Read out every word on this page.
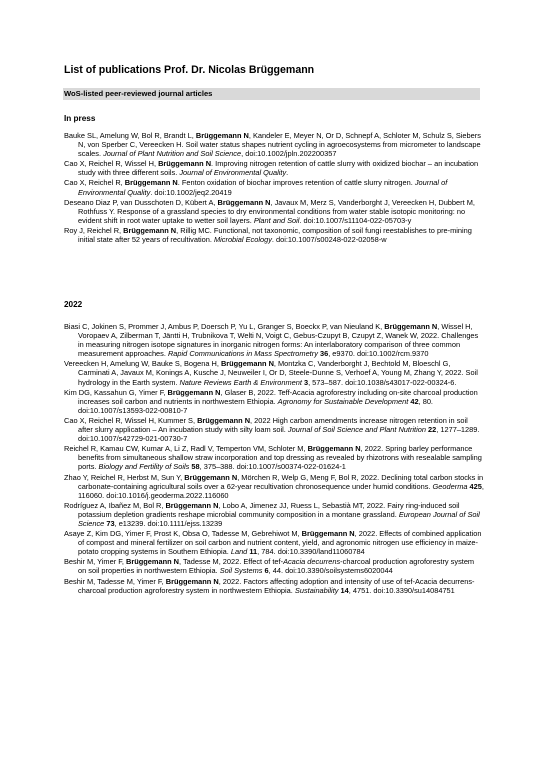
List of publications Prof. Dr. Nicolas Brüggemann
WoS-listed peer-reviewed journal articles
In press
Bauke SL, Amelung W, Bol R, Brandt L, Brüggemann N, Kandeler E, Meyer N, Or D, Schnepf A, Schloter M, Schulz S, Siebers N, von Sperber C, Vereecken H. Soil water status shapes nutrient cycling in agroecosystems from micrometer to landscape scales. Journal of Plant Nutrition and Soil Science, doi:10.1002/jpln.202200357
Cao X, Reichel R, Wissel H, Brüggemann N. Improving nitrogen retention of cattle slurry with oxidized biochar – an incubation study with three different soils. Journal of Environmental Quality.
Cao X, Reichel R, Brüggemann N. Fenton oxidation of biochar improves retention of cattle slurry nitrogen. Journal of Environmental Quality. doi:10.1002/jeq2.20419
Deseano Diaz P, van Dusschoten D, Kübert A, Brüggemann N, Javaux M, Merz S, Vanderborght J, Vereecken H, Dubbert M, Rothfuss Y. Response of a grassland species to dry environmental conditions from water stable isotopic monitoring: no evident shift in root water uptake to wetter soil layers. Plant and Soil. doi:10.1007/s11104-022-05703-y
Roy J, Reichel R, Brüggemann N, Rillig MC. Functional, not taxonomic, composition of soil fungi reestablishes to pre-mining initial state after 52 years of recultivation. Microbial Ecology. doi:10.1007/s00248-022-02058-w
2022
Biasi C, Jokinen S, Prommer J, Ambus P, Doersch P, Yu L, Granger S, Boeckx P, van Nieuland K, Brüggemann N, Wissel H, Voropaev A, Zilberman T, Jäntti H, Trubnikova T, Welti N, Voigt C, Gebus-Czupyt B, Czupyt Z, Wanek W, 2022. Challenges in measuring nitrogen isotope signatures in inorganic nitrogen forms: An interlaboratory comparison of three common measurement approaches. Rapid Communications in Mass Spectrometry 36, e9370. doi:10.1002/rcm.9370
Vereecken H, Amelung W, Bauke S, Bogena H, Brüggemann N, Montzka C, Vanderborght J, Bechtold M, Bloeschl G, Carminati A, Javaux M, Konings A, Kusche J, Neuweiler I, Or D, Steele-Dunne S, Verhoef A, Young M, Zhang Y, 2022. Soil hydrology in the Earth system. Nature Reviews Earth & Environment 3, 573–587. doi:10.1038/s43017-022-00324-6.
Kim DG, Kassahun G, Yimer F, Brüggemann N, Glaser B, 2022. Teff-Acacia agroforestry including on-site charcoal production increases soil carbon and nutrients in northwestern Ethiopia. Agronomy for Sustainable Development 42, 80. doi:10.1007/s13593-022-00810-7
Cao X, Reichel R, Wissel H, Kummer S, Brüggemann N, 2022 High carbon amendments increase nitrogen retention in soil after slurry application – An incubation study with silty loam soil. Journal of Soil Science and Plant Nutrition 22, 1277–1289. doi:10.1007/s42729-021-00730-7
Reichel R, Kamau CW, Kumar A, Li Z, Radl V, Temperton VM, Schloter M, Brüggemann N, 2022. Spring barley performance benefits from simultaneous shallow straw incorporation and top dressing as revealed by rhizotrons with resealable sampling ports. Biology and Fertility of Soils 58, 375–388. doi:10.1007/s00374-022-01624-1
Zhao Y, Reichel R, Herbst M, Sun Y, Brüggemann N, Mörchen R, Welp G, Meng F, Bol R, 2022. Declining total carbon stocks in carbonate-containing agricultural soils over a 62-year recultivation chronosequence under humid conditions. Geoderma 425, 116060. doi:10.1016/j.geoderma.2022.116060
Rodríguez A, Ibañez M, Bol R, Brüggemann N, Lobo A, Jimenez JJ, Ruess L, Sebastià MT, 2022. Fairy ring-induced soil potassium depletion gradients reshape microbial community composition in a montane grassland. European Journal of Soil Science 73, e13239. doi:10.1111/ejss.13239
Asaye Z, Kim DG, Yimer F, Prost K, Obsa O, Tadesse M, Gebrehiwot M, Brüggemann N, 2022. Effects of combined application of compost and mineral fertilizer on soil carbon and nutrient content, yield, and agronomic nitrogen use efficiency in maize-potato cropping systems in Southern Ethiopia. Land 11, 784. doi:10.3390/land11060784
Beshir M, Yimer F, Brüggemann N, Tadesse M, 2022. Effect of tef-Acacia decurrens-charcoal production agroforestry system on soil properties in northwestern Ethiopia. Soil Systems 6, 44. doi:10.3390/soilsystems6020044
Beshir M, Tadesse M, Yimer F, Brüggemann N, 2022. Factors affecting adoption and intensity of use of tef-Acacia decurrens-charcoal production agroforestry system in northwestern Ethiopia. Sustainability 14, 4751. doi:10.3390/su14084751
